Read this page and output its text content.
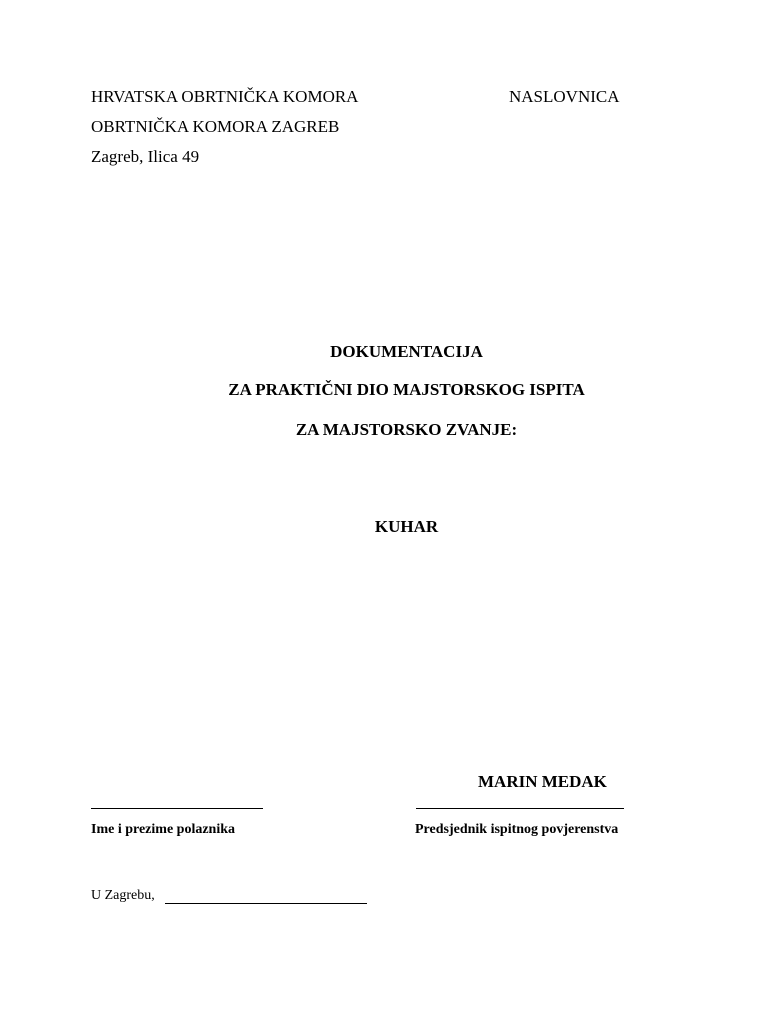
HRVATSKA OBRTNIČKA KOMORA	NASLOVNICA
OBRTNIČKA KOMORA ZAGREB
Zagreb, Ilica 49
DOKUMENTACIJA
ZA PRAKTIČNI DIO MAJSTORSKOG ISPITA
ZA MAJSTORSKO ZVANJE:
KUHAR
MARIN MEDAK
Ime i prezime polaznika	Predsjednik ispitnog povjerenstva
U Zagrebu,
